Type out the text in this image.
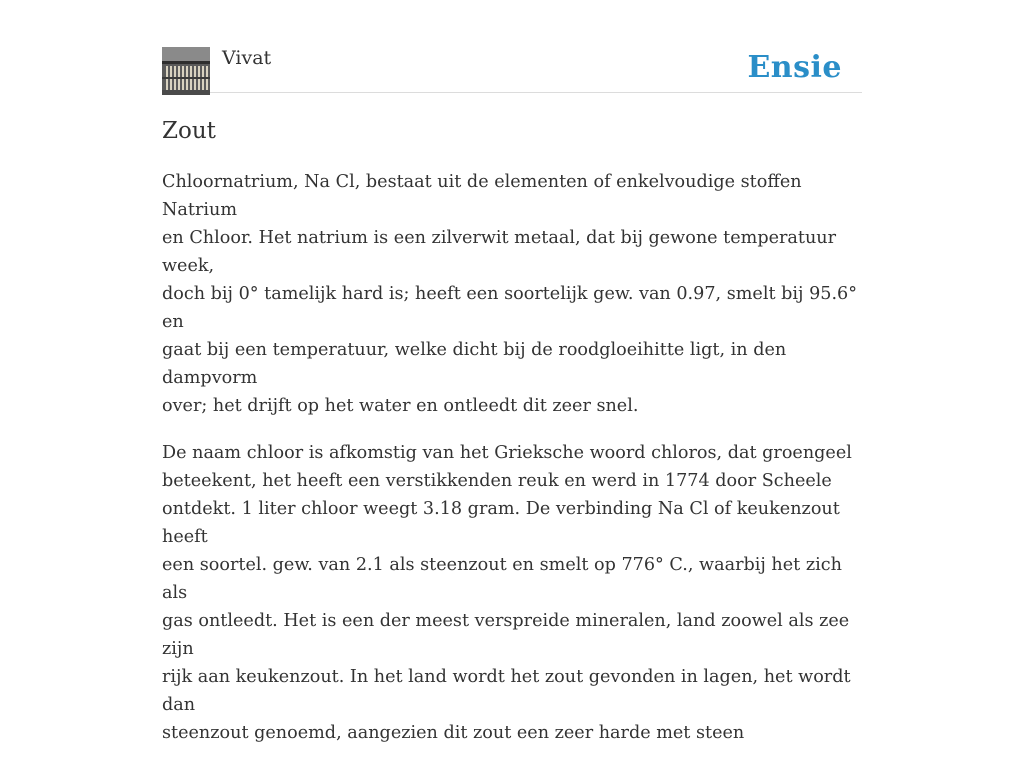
Vivat	Ensie
Zout

Chloornatrium, Na Cl, bestaat uit de elementen of enkelvoudige stoffen Natrium
en Chloor. Het natrium is een zilverwit metaal, dat bij gewone temperatuur week,
doch bij 0° tamelijk hard is; heeft een soortelijk gew. van 0.97, smelt bij 95.6° en
gaat bij een temperatuur, welke dicht bij de roodgloeihitte ligt, in den dampvorm
over; het drijft op het water en ontleedt dit zeer snel.

De naam chloor is afkomstig van het Grieksche woord chloros, dat groengeel
beteekent, het heeft een verstikkenden reuk en werd in 1774 door Scheele
ontdekt. 1 liter chloor weegt 3.18 gram. De verbinding Na Cl of keukenzout heeft
een soortel. gew. van 2.1 als steenzout en smelt op 776° C., waarbij het zich als
gas ontleedt. Het is een der meest verspreide mineralen, land zoowel als zee zijn
rijk aan keukenzout. In het land wordt het zout gevonden in lagen, het wordt dan
steenzout genoemd, aangezien dit zout een zeer harde met steen
